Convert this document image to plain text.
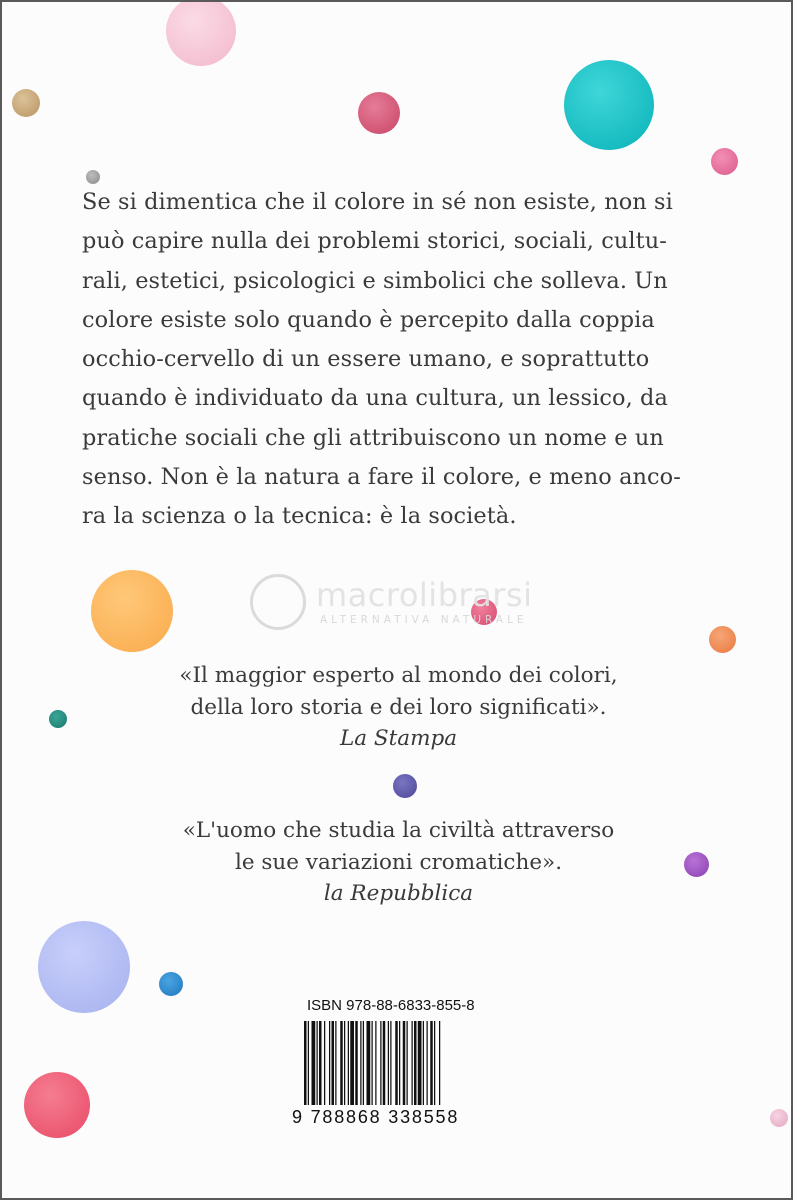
Se si dimentica che il colore in sé non esiste, non si
può capire nulla dei problemi storici, sociali, cultu-
rali, estetici, psicologici e simbolici che solleva. Un
colore esiste solo quando è percepito dalla coppia
occhio-cervello di un essere umano, e soprattutto
quando è individuato da una cultura, un lessico, da
pratiche sociali che gli attribuiscono un nome e un
senso. Non è la natura a fare il colore, e meno anco-
ra la scienza o la tecnica: è la società.

macrolibrarsi
ALTERNATIVA NATURALE
«Il maggior esperto al mondo dei colori,
della loro storia e dei loro significati».
La Stampa
«L'uomo che studia la civiltà attraverso
le sue variazioni cromatiche».
la Repubblica
ISBN 978-88-6833-855-8
9 788868 338558
